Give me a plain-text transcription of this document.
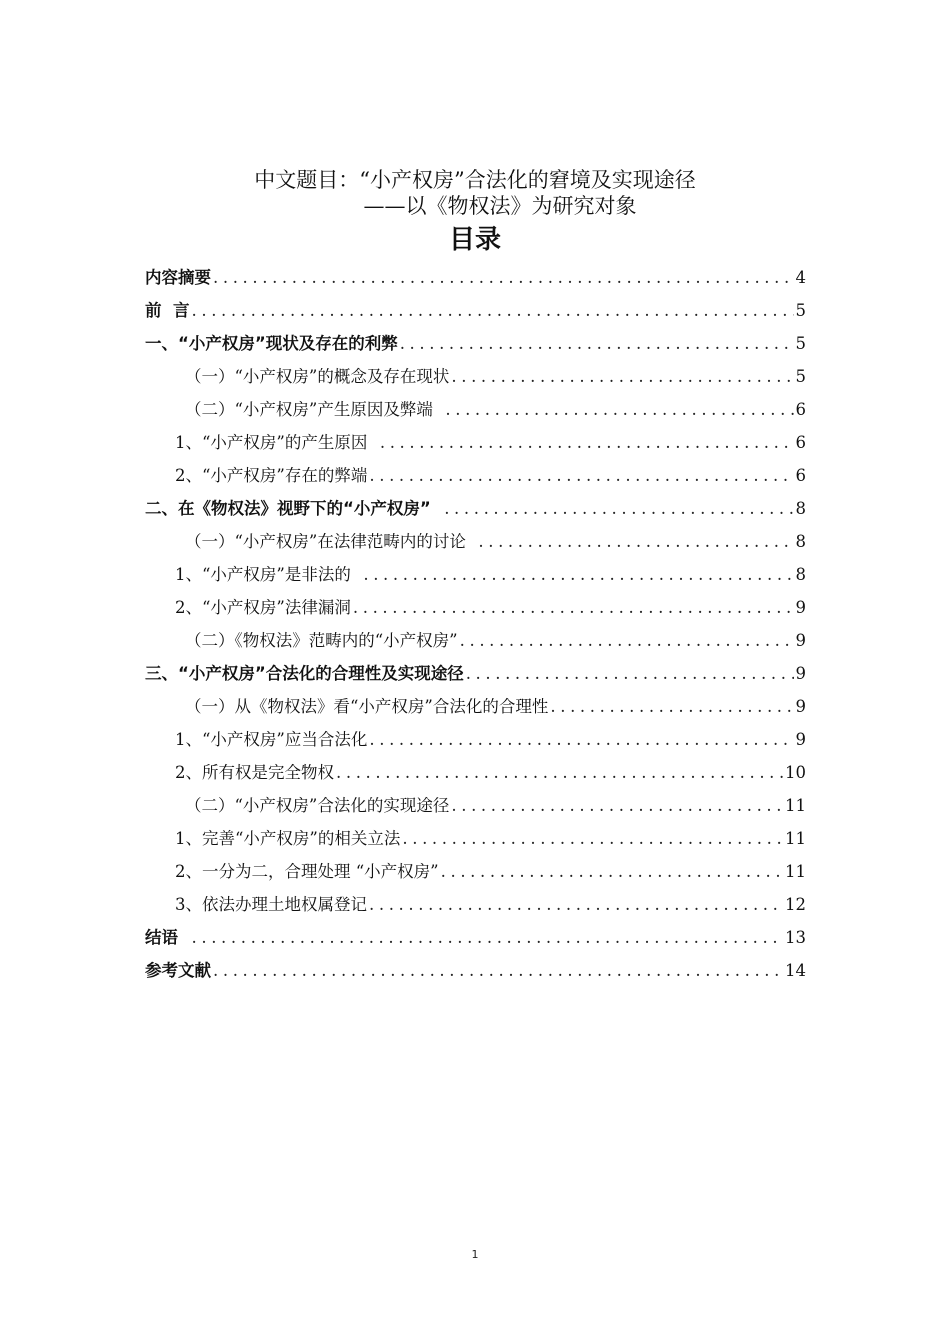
中文题目：“小产权房”合法化的窘境及实现途径
——以《物权法》为研究对象
目录
内容摘要 .....	4
前  言 .....	5
一、“小产权房”现状及存在的利弊 .....	5
（一）“小产权房”的概念及存在现状 .....	5
（二）“小产权房”产生原因及弊端 .....	6
1、“小产权房”的产生原因 .....	6
2、“小产权房”存在的弊端 .....	6
二、在《物权法》视野下的“小产权房” .....	8
（一）“小产权房”在法律范畴内的讨论 .....	8
1、“小产权房”是非法的 .....	8
2、“小产权房”法律漏洞 .....	9
（二）《物权法》范畴内的“小产权房” .....	9
三、“小产权房”合法化的合理性及实现途径 .....	9
（一）从《物权法》看“小产权房”合法化的合理性 .....	9
1、“小产权房”应当合法化 .....	9
2、所有权是完全物权 .....	10
（二）“小产权房”合法化的实现途径 .....	11
1、完善“小产权房”的相关立法 .....	11
2、一分为二，合理处理 “小产权房” .....	11
3、依法办理土地权属登记 .....	12
结语 .....	13
参考文献 .....	14
1
